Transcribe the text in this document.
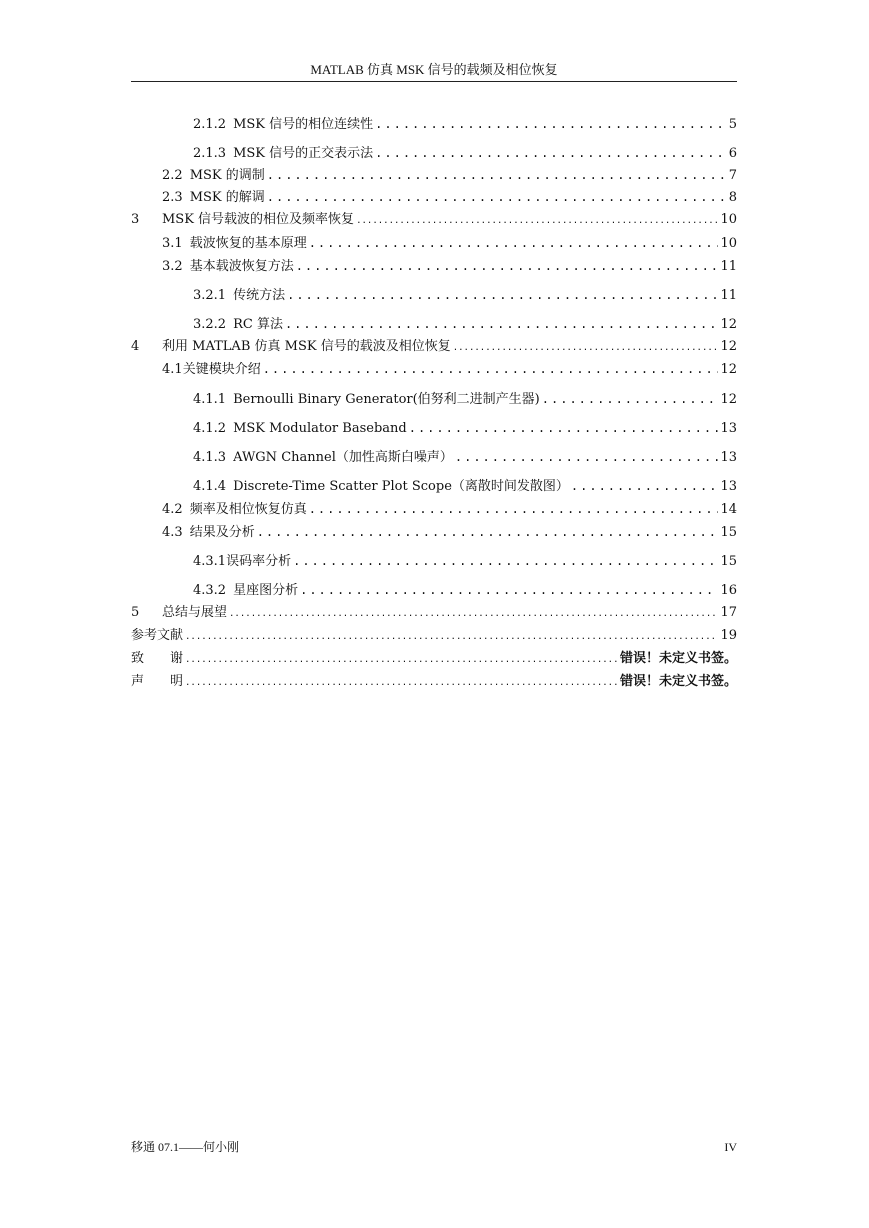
MATLAB 仿真 MSK 信号的载频及相位恢复
2.1.2 MSK 信号的相位连续性 .....	5
2.1.3 MSK 信号的正交表示法 .....	6
2.2 MSK 的调制 .....	7
2.3 MSK 的解调 .....	8
3	MSK 信号载波的相位及频率恢复 .....	10
3.1 载波恢复的基本原理 .....	10
3.2 基本载波恢复方法 .....	11
3.2.1 传统方法 .....	11
3.2.2 RC 算法 .....	12
4	利用 MATLAB 仿真 MSK 信号的载波及相位恢复 .....	12
4.1 关键模块介绍 .....	12
4.1.1 Bernoulli Binary Generator(伯努利二进制产生器) .....	12
4.1.2 MSK Modulator Baseband .....	13
4.1.3 AWGN Channel（加性高斯白噪声） .....	13
4.1.4 Discrete-Time Scatter Plot Scope（离散时间发散图） .....	13
4.2 频率及相位恢复仿真 .....	14
4.3 结果及分析 .....	15
4.3.1 误码率分析 .....	15
4.3.2 星座图分析 .....	16
5	总结与展望 .....	17
参考文献 .....	19
致　　谢 .....	错误！未定义书签。
声　　明 .....	错误！未定义书签。
移通 07.1——何小刚	IV
